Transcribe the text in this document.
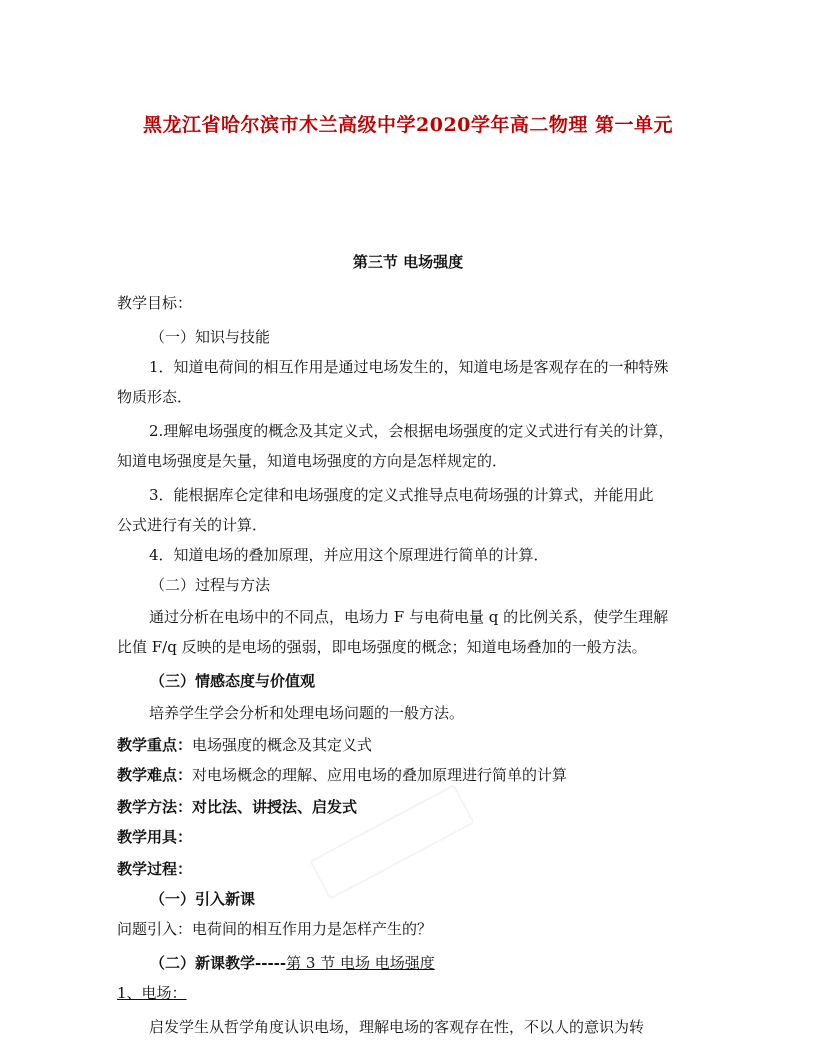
黑龙江省哈尔滨市木兰高级中学2020学年高二物理 第一单元
第三节 电场强度
教学目标：
（一）知识与技能
1．知道电荷间的相互作用是通过电场发生的，知道电场是客观存在的一种特殊
物质形态．
2.理解电场强度的概念及其定义式，会根据电场强度的定义式进行有关的计算，
知道电场强度是矢量，知道电场强度的方向是怎样规定的．
3．能根据库仑定律和电场强度的定义式推导点电荷场强的计算式，并能用此
公式进行有关的计算．
4．知道电场的叠加原理，并应用这个原理进行简单的计算．
（二）过程与方法
通过分析在电场中的不同点，电场力 F 与电荷电量 q 的比例关系，使学生理解
比值 F/q 反映的是电场的强弱，即电场强度的概念；知道电场叠加的一般方法。
（三）情感态度与价值观
培养学生学会分析和处理电场问题的一般方法。
教学重点：电场强度的概念及其定义式
教学难点：对电场概念的理解、应用电场的叠加原理进行简单的计算
教学方法：对比法、讲授法、启发式
教学用具：
教学过程：
（一）引入新课
问题引入：电荷间的相互作用力是怎样产生的？
（二）新课教学-----第 3 节 电场 电场强度
1、电场：
启发学生从哲学角度认识电场，理解电场的客观存在性，不以人的意识为转
